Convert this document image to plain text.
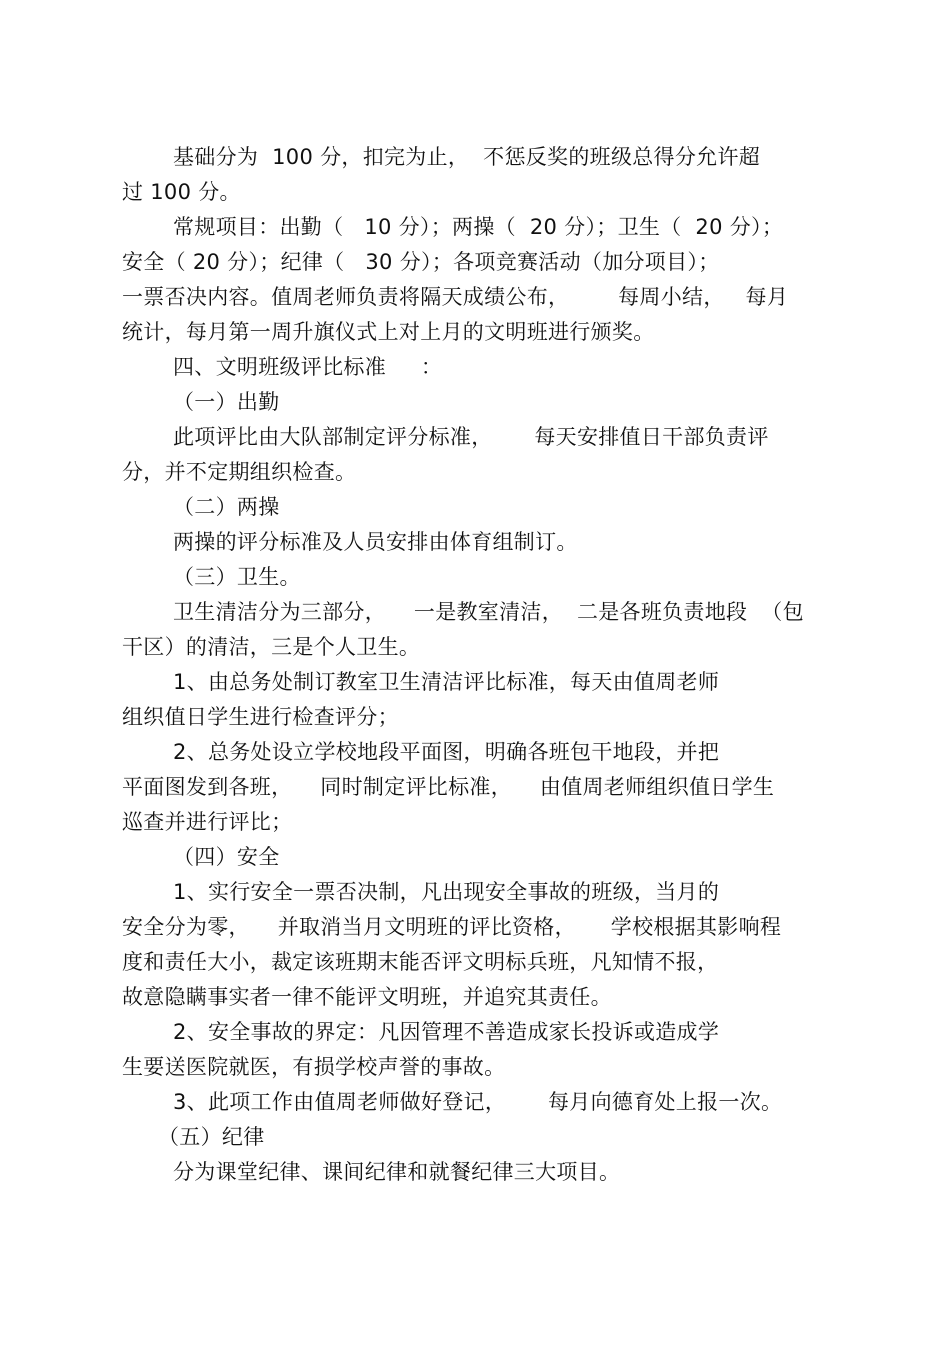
基础分为  100 分，扣完为止，  不惩反奖的班级总得分允许超
过 100 分。
常规项目：出勤（   10 分）；两操（  20 分）；卫生（  20 分）；
安全（ 20 分）；纪律（   30 分）；各项竞赛活动（加分项目）；
一票否决内容。值周老师负责将隔天成绩公布，       每周小结，   每月
统计，每月第一周升旗仪式上对上月的文明班进行颁奖。
四、文明班级评比标准     ：
（一）出勤
此项评比由大队部制定评分标准，      每天安排值日干部负责评
分，并不定期组织检查。
（二）两操
两操的评分标准及人员安排由体育组制订。
（三）卫生。
卫生清洁分为三部分，    一是教室清洁，  二是各班负责地段  （包
干区）的清洁，三是个人卫生。
1、由总务处制订教室卫生清洁评比标准，每天由值周老师
组织值日学生进行检查评分；
2、总务处设立学校地段平面图，明确各班包干地段，并把
平面图发到各班，    同时制定评比标准，    由值周老师组织值日学生
巡查并进行评比；
（四）安全
1、实行安全一票否决制，凡出现安全事故的班级，当月的
安全分为零，    并取消当月文明班的评比资格，     学校根据其影响程
度和责任大小，裁定该班期末能否评文明标兵班，凡知情不报，
故意隐瞒事实者一律不能评文明班，并追究其责任。
2、安全事故的界定：凡因管理不善造成家长投诉或造成学
生要送医院就医，有损学校声誉的事故。
3、此项工作由值周老师做好登记，      每月向德育处上报一次。
（五）纪律
分为课堂纪律、课间纪律和就餐纪律三大项目。
